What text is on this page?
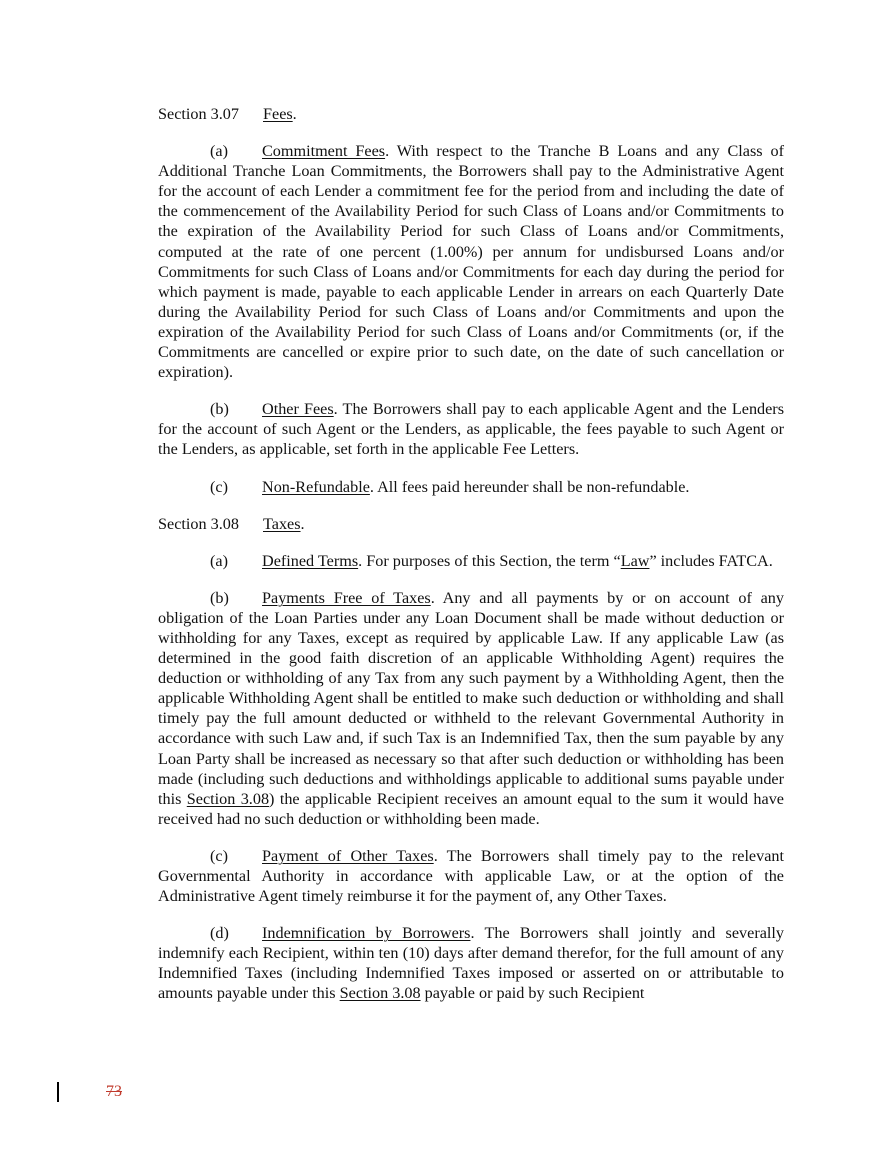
Section 3.07 Fees.

(a) Commitment Fees. With respect to the Tranche B Loans and any Class of Additional Tranche Loan Commitments, the Borrowers shall pay to the Administrative Agent for the account of each Lender a commitment fee for the period from and including the date of the commencement of the Availability Period for such Class of Loans and/or Commitments to the expiration of the Availability Period for such Class of Loans and/or Commitments, computed at the rate of one percent (1.00%) per annum for undisbursed Loans and/or Commitments for such Class of Loans and/or Commitments for each day during the period for which payment is made, payable to each applicable Lender in arrears on each Quarterly Date during the Availability Period for such Class of Loans and/or Commitments and upon the expiration of the Availability Period for such Class of Loans and/or Commitments (or, if the Commitments are cancelled or expire prior to such date, on the date of such cancellation or expiration).

(b) Other Fees. The Borrowers shall pay to each applicable Agent and the Lenders for the account of such Agent or the Lenders, as applicable, the fees payable to such Agent or the Lenders, as applicable, set forth in the applicable Fee Letters.

(c) Non-Refundable. All fees paid hereunder shall be non-refundable.

Section 3.08 Taxes.

(a) Defined Terms. For purposes of this Section, the term “Law” includes FATCA.

(b) Payments Free of Taxes. Any and all payments by or on account of any obligation of the Loan Parties under any Loan Document shall be made without deduction or withholding for any Taxes, except as required by applicable Law. If any applicable Law (as determined in the good faith discretion of an applicable Withholding Agent) requires the deduction or withholding of any Tax from any such payment by a Withholding Agent, then the applicable Withholding Agent shall be entitled to make such deduction or withholding and shall timely pay the full amount deducted or withheld to the relevant Governmental Authority in accordance with such Law and, if such Tax is an Indemnified Tax, then the sum payable by any Loan Party shall be increased as necessary so that after such deduction or withholding has been made (including such deductions and withholdings applicable to additional sums payable under this Section 3.08) the applicable Recipient receives an amount equal to the sum it would have received had no such deduction or withholding been made.

(c) Payment of Other Taxes. The Borrowers shall timely pay to the relevant Governmental Authority in accordance with applicable Law, or at the option of the Administrative Agent timely reimburse it for the payment of, any Other Taxes.

(d) Indemnification by Borrowers. The Borrowers shall jointly and severally indemnify each Recipient, within ten (10) days after demand therefor, for the full amount of any Indemnified Taxes (including Indemnified Taxes imposed or asserted on or attributable to amounts payable under this Section 3.08 payable or paid by such Recipient

73
